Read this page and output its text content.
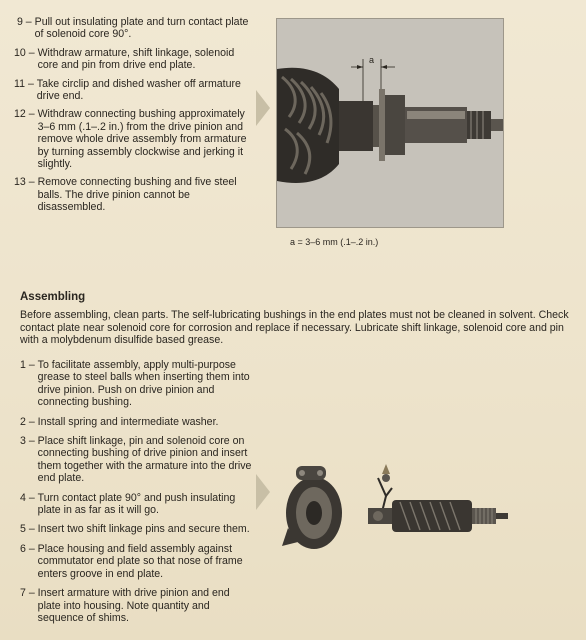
9 – Pull out insulating plate and turn contact plate of solenoid core 90°.
10 – Withdraw armature, shift linkage, solenoid core and pin from drive end plate.
11 – Take circlip and dished washer off armature drive end.
12 – Withdraw connecting bushing approximately 3–6 mm (.1–.2 in.) from the drive pinion and remove whole drive assembly from armature by turning assembly clockwise and jerking it slightly.
13 – Remove connecting bushing and five steel balls. The drive pinion cannot be disassembled.
a
a = 3–6 mm (.1–.2 in.)
Assembling
Before assembling, clean parts. The self-lubricating bushings in the end plates must not be cleaned in solvent. Check contact plate near solenoid core for corrosion and replace if necessary. Lubricate shift linkage, solenoid core and pin with a molybdenum disulfide based grease.
1 – To facilitate assembly, apply multi-purpose grease to steel balls when inserting them into drive pinion. Push on drive pinion and connecting bushing.
2 – Install spring and intermediate washer.
3 – Place shift linkage, pin and solenoid core on connecting bushing of drive pinion and insert them together with the armature into the drive end plate.
4 – Turn contact plate 90° and push insulating plate in as far as it will go.
5 – Insert two shift linkage pins and secure them.
6 – Place housing and field assembly against commutator end plate so that nose of frame enters groove in end plate.
7 – Insert armature with drive pinion and end plate into housing. Note quantity and sequence of shims.
